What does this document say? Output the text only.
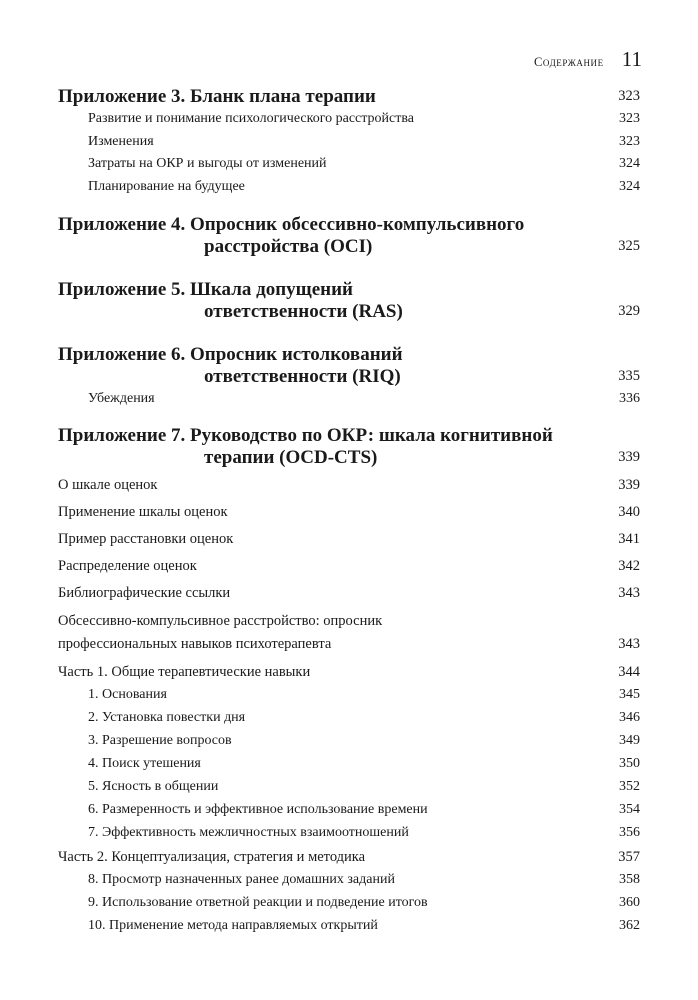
Содержание 11
Приложение 3. Бланк плана терапии	323
Развитие и понимание психологического расстройства	323
Изменения	323
Затраты на ОКР и выгоды от изменений	324
Планирование на будущее	324
Приложение 4. Опросник обсессивно-компульсивного
расстройства (OCI)	325
Приложение 5. Шкала допущений
ответственности (RAS)	329
Приложение 6. Опросник истолкований
ответственности (RIQ)	335
Убеждения	336
Приложение 7. Руководство по ОКР: шкала когнитивной
терапии (OCD-CTS)	339
О шкале оценок	339
Применение шкалы оценок	340
Пример расстановки оценок	341
Распределение оценок	342
Библиографические ссылки	343
Обсессивно-компульсивное расстройство: опросник
профессиональных навыков психотерапевта	343
Часть 1. Общие терапевтические навыки	344
1. Основания	345
2. Установка повестки дня	346
3. Разрешение вопросов	349
4. Поиск утешения	350
5. Ясность в общении	352
6. Размеренность и эффективное использование времени	354
7. Эффективность межличностных взаимоотношений	356
Часть 2. Концептуализация, стратегия и методика	357
8. Просмотр назначенных ранее домашних заданий	358
9. Использование ответной реакции и подведение итогов	360
10. Применение метода направляемых открытий	362
